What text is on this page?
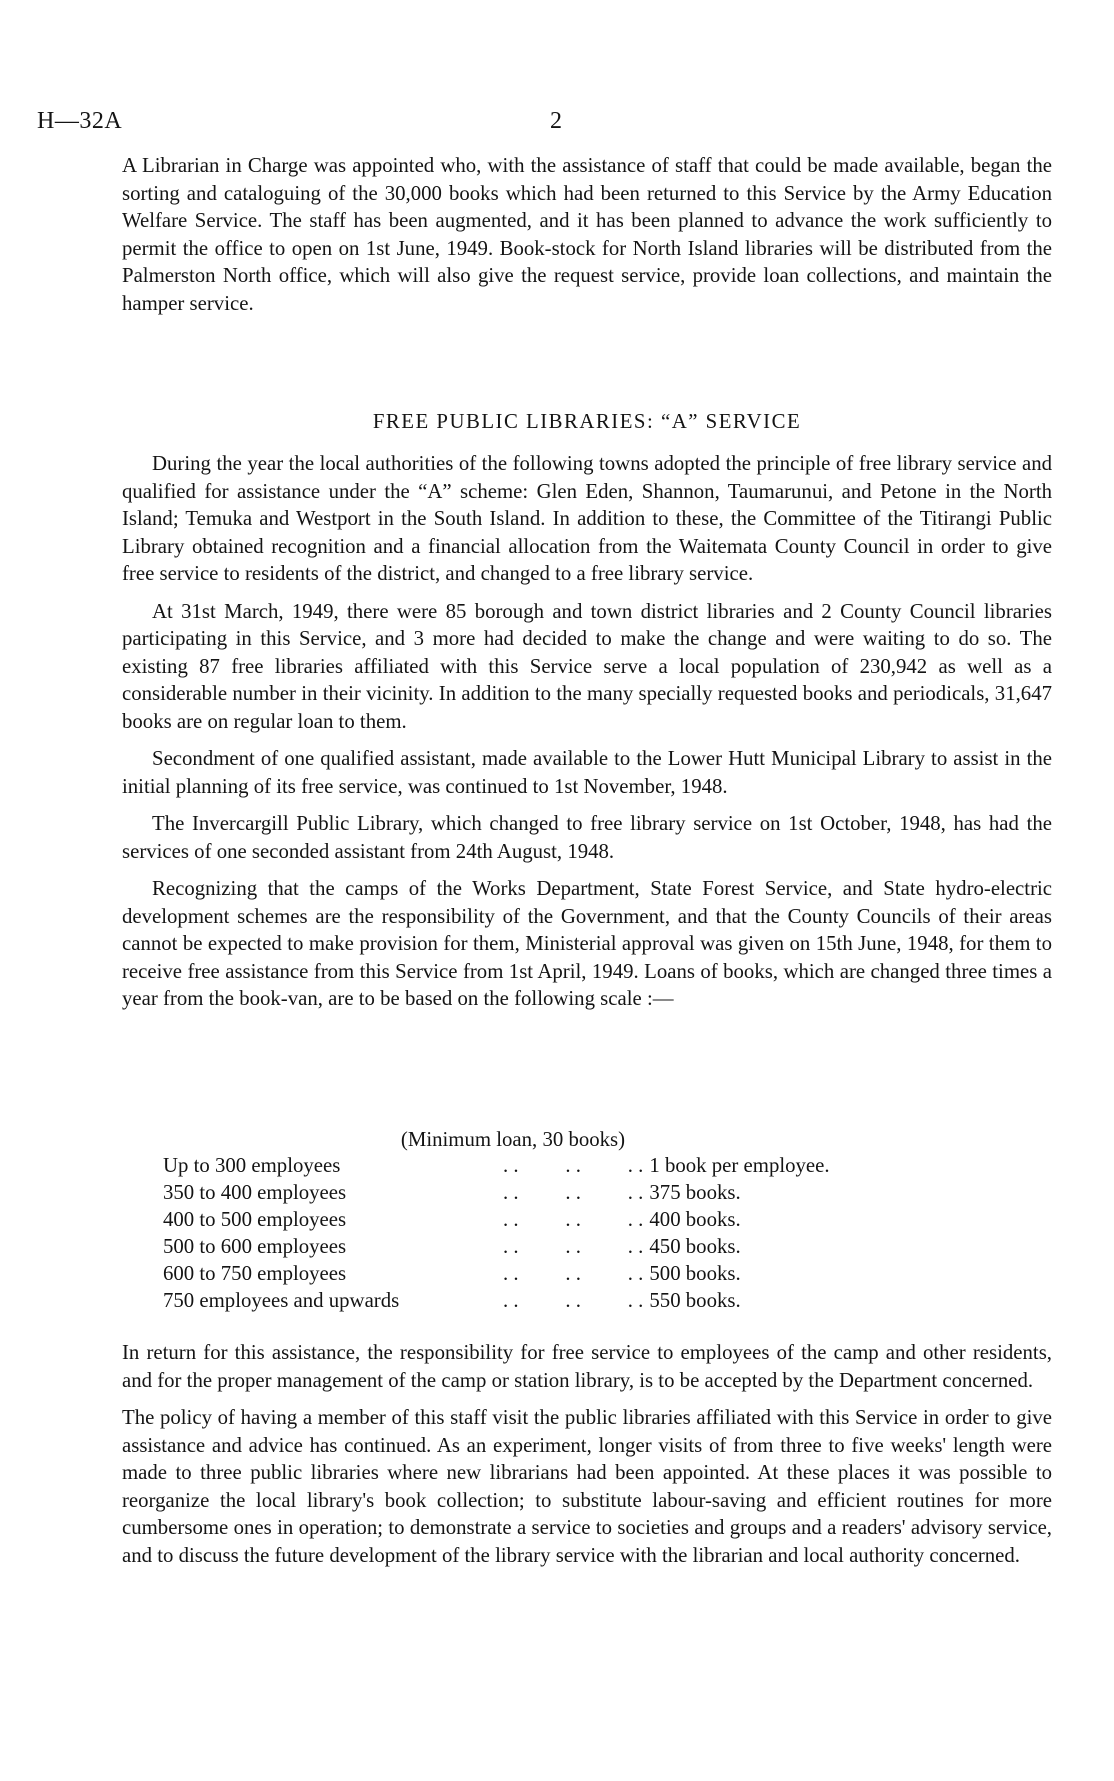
H—32A	2

A Librarian in Charge was appointed who, with the assistance of staff that could be made available, began the sorting and cataloguing of the 30,000 books which had been returned to this Service by the Army Education Welfare Service. The staff has been augmented, and it has been planned to advance the work sufficiently to permit the office to open on 1st June, 1949. Book-stock for North Island libraries will be distributed from the Palmerston North office, which will also give the request service, provide loan collections, and maintain the hamper service.

FREE PUBLIC LIBRARIES: “A” SERVICE

During the year the local authorities of the following towns adopted the principle of free library service and qualified for assistance under the “A” scheme: Glen Eden, Shannon, Taumarunui, and Petone in the North Island; Temuka and Westport in the South Island. In addition to these, the Committee of the Titirangi Public Library obtained recognition and a financial allocation from the Waitemata County Council in order to give free service to residents of the district, and changed to a free library service.

At 31st March, 1949, there were 85 borough and town district libraries and 2 County Council libraries participating in this Service, and 3 more had decided to make the change and were waiting to do so. The existing 87 free libraries affiliated with this Service serve a local population of 230,942 as well as a considerable number in their vicinity. In addition to the many specially requested books and periodicals, 31,647 books are on regular loan to them.

Secondment of one qualified assistant, made available to the Lower Hutt Municipal Library to assist in the initial planning of its free service, was continued to 1st November, 1948.

The Invercargill Public Library, which changed to free library service on 1st October, 1948, has had the services of one seconded assistant from 24th August, 1948.

Recognizing that the camps of the Works Department, State Forest Service, and State hydro-electric development schemes are the responsibility of the Government, and that the County Councils of their areas cannot be expected to make provision for them, Ministerial approval was given on 15th June, 1948, for them to receive free assistance from this Service from 1st April, 1949. Loans of books, which are changed three times a year from the book-van, are to be based on the following scale :—

(Minimum loan, 30 books)
Up to 300 employees	. .         . .         . .	1 book per employee.
350 to 400 employees	. .         . .         . .	375 books.
400 to 500 employees	. .         . .         . .	400 books.
500 to 600 employees	. .         . .         . .	450 books.
600 to 750 employees	. .         . .         . .	500 books.
750 employees and upwards	. .         . .         . .	550 books.

In return for this assistance, the responsibility for free service to employees of the camp and other residents, and for the proper management of the camp or station library, is to be accepted by the Department concerned.

The policy of having a member of this staff visit the public libraries affiliated with this Service in order to give assistance and advice has continued. As an experiment, longer visits of from three to five weeks' length were made to three public libraries where new librarians had been appointed. At these places it was possible to reorganize the local library's book collection; to substitute labour-saving and efficient routines for more cumbersome ones in operation; to demonstrate a service to societies and groups and a readers' advisory service, and to discuss the future development of the library service with the librarian and local authority concerned.
